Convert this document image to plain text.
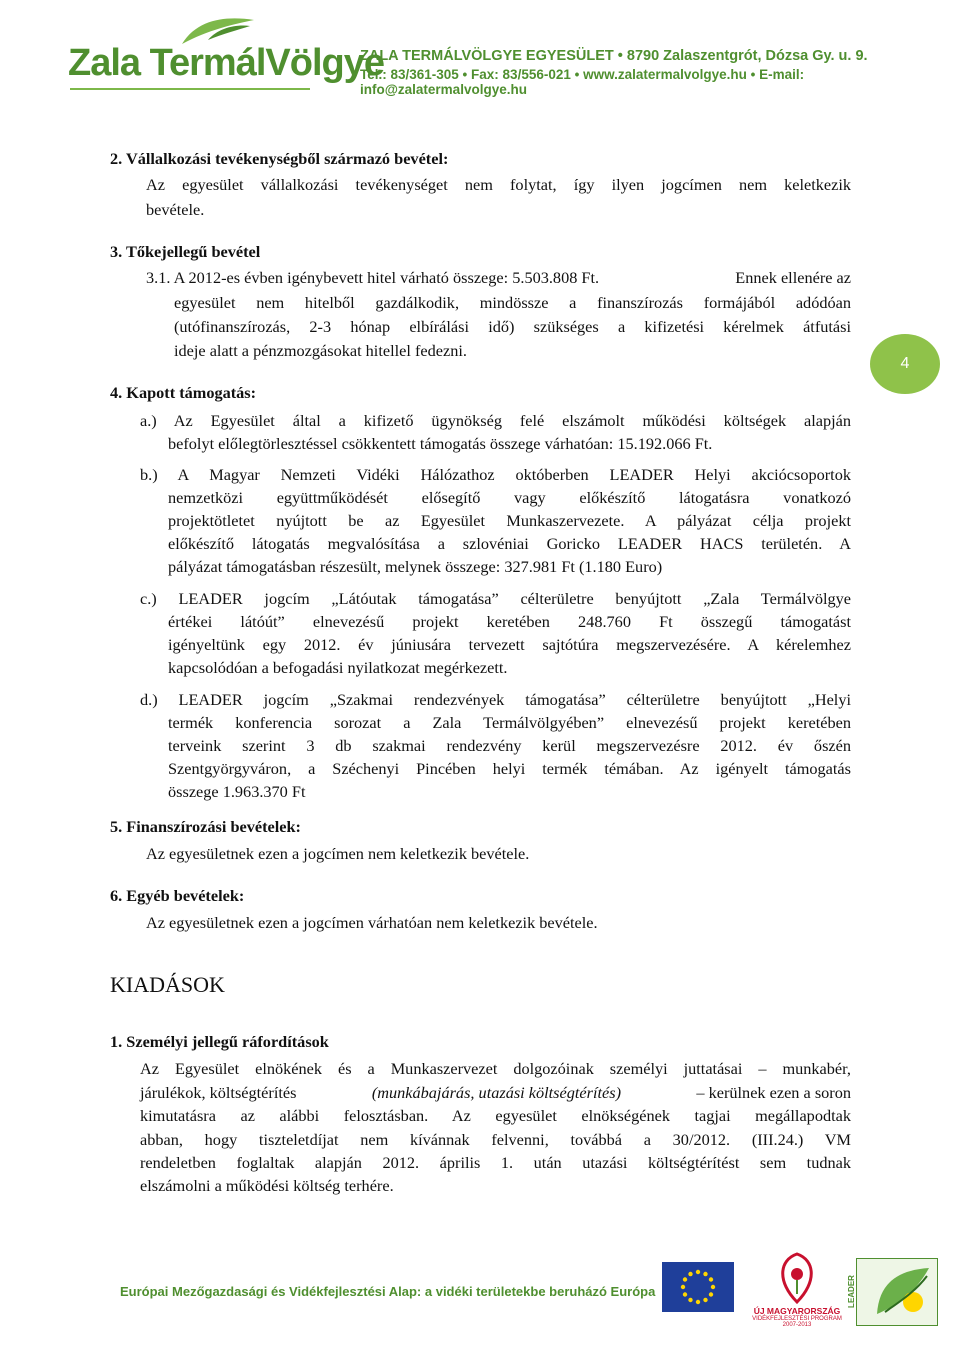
Zala TermálVölgye
ZALA TERMÁLVÖLGYE EGYESÜLET • 8790 Zalaszentgrót, Dózsa Gy. u. 9.
Tel.: 83/361-305 • Fax: 83/556-021 • www.zalatermalvolgye.hu • E-mail: info@zalatermalvolgye.hu
4
2. Vállalkozási tevékenységből származó bevétel:
Az egyesület vállalkozási tevékenységet nem folytat, így ilyen jogcímen nem keletkezik
bevétele.
3. Tőkejellegű bevétel
3.1. A 2012-es évben igénybevett hitel várható összege: 5.503.808 Ft.	Ennek ellenére az
egyesület nem hitelből gazdálkodik, mindössze a finanszírozás formájából adódóan
(utófinanszírozás, 2-3 hónap elbírálási idő) szükséges a kifizetési kérelmek átfutási
ideje alatt a pénzmozgásokat hitellel fedezni.
4. Kapott támogatás:
a.) Az Egyesület által a kifizető ügynökség felé elszámolt működési költségek alapján
befolyt előlegtörlesztéssel csökkentett támogatás összege várhatóan: 15.192.066 Ft.
b.) A Magyar Nemzeti Vidéki Hálózathoz októberben LEADER Helyi akciócsoportok
nemzetközi együttműködését elősegítő vagy előkészítő látogatásra vonatkozó
projektötletet nyújtott be az Egyesület Munkaszervezete. A pályázat célja projekt
előkészítő látogatás megvalósítása a szlovéniai Goricko LEADER HACS területén. A
pályázat támogatásban részesült, melynek összege: 327.981 Ft (1.180 Euro)
c.) LEADER jogcím „Látóutak támogatása” célterületre benyújtott „Zala Termálvölgye
értékei látóút” elnevezésű projekt keretében 248.760 Ft összegű támogatást
igényeltünk egy 2012. év júniusára tervezett sajtótúra megszervezésére. A kérelemhez
kapcsolódóan a befogadási nyilatkozat megérkezett.
d.) LEADER jogcím „Szakmai rendezvények támogatása” célterületre benyújtott „Helyi
termék konferencia sorozat a Zala Termálvölgyében” elnevezésű projekt keretében
terveink szerint 3 db szakmai rendezvény kerül megszervezésre 2012. év őszén
Szentgyörgyváron, a Széchenyi Pincében helyi termék témában. Az igényelt támogatás
összege 1.963.370 Ft
5. Finanszírozási bevételek:
Az egyesületnek ezen a jogcímen nem keletkezik bevétele.
6. Egyéb bevételek:
Az egyesületnek ezen a jogcímen várhatóan nem keletkezik bevétele.
KIADÁSOK
1. Személyi jellegű ráfordítások
Az Egyesület elnökének és a Munkaszervezet dolgozóinak személyi juttatásai – munkabér,
járulékok, költségtérítés	(munkábajárás, utazási költségtérítés)	– kerülnek ezen a soron
kimutatásra az alábbi felosztásban. Az egyesület elnökségének tagjai megállapodtak
abban, hogy tiszteletdíjat nem kívánnak felvenni, továbbá a 30/2012. (III.24.) VM
rendeletben foglaltak alapján 2012. április 1. után utazási költségtérítést sem tudnak
elszámolni a működési költség terhére.
Európai Mezőgazdasági és Vidékfejlesztési Alap: a vidéki területekbe beruházó Európa
ÚJ MAGYARORSZÁG
VIDÉKFEJLESZTÉSI PROGRAM
2007-2013
LEADER
